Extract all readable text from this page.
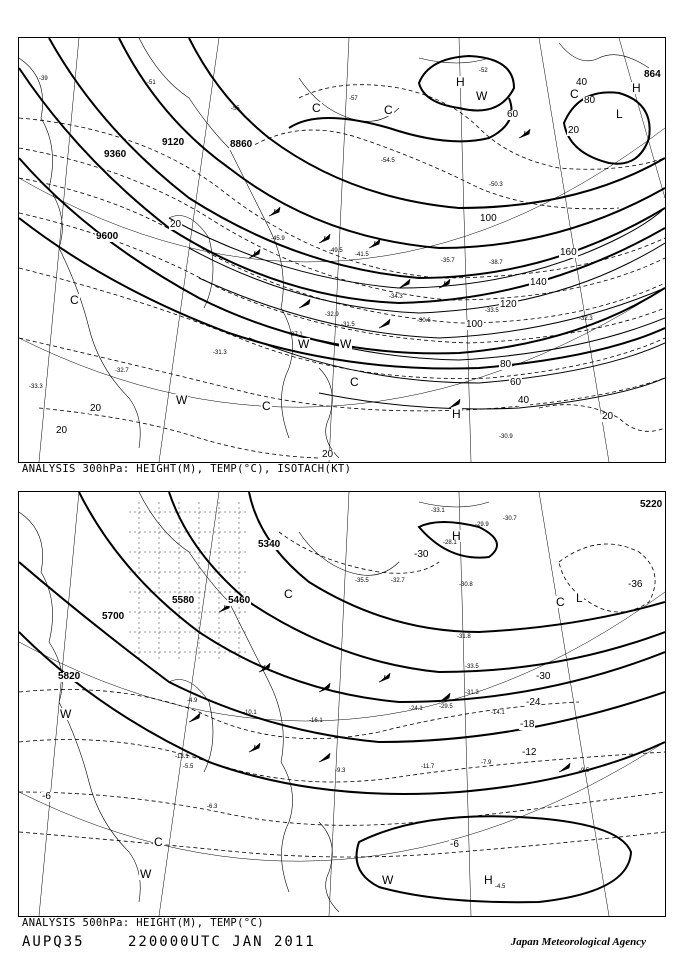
9600
9360
9120	8860
864
20
40
60
80
100
120
140
160
20
40
60
80
100
20
20
20
20
H
L
C	C
C
W
C
W	W
C
W	C
H
H
-39
-51
-55
-57
-52
-45.9
-49.5
-54.5
-41.5
-38.7
-34.3
-37.1
-32.9
-31.5
-30.6
-33.5
-32.3
-31.3
-32.7
-33.3
-30.9
-35.7
-50.3
ANALYSIS 300hPa: HEIGHT(M), TEMP(°C), ISOTACH(KT)
5700
5580	5460
5340
5220
5820	-30
-24
-18
-12
-6
-30
-36
-6
H
L
C
C
W
C
W	W	H
-33.1
-29.9
-30.7
-28.1
-32.7
-35.5
-30.8
-31.8
-33.5
-31.3
-29.5
-24.1
-14.1
-16.1
-11.7
-9.3
-7.9
-9.5
-4.5
-13.1
-6.3
-5.5
-4.9
-10.1
ANALYSIS 500hPa: HEIGHT(M), TEMP(°C)
AUPQ35	220000UTC JAN 2011	Japan Meteorological Agency
